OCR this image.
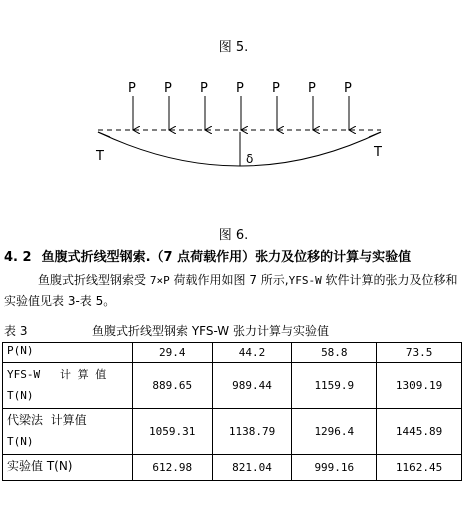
图 5.
P P P P P P P
δ
T	T
图 6.
4. 2 鱼腹式折线型钢索.（7 点荷载作用）张力及位移的计算与实验值
鱼腹式折线型钢索受 7×P 荷载作用如图 7 所示,YFS-W 软件计算的张力及位移和实验值见表 3-表 5。
表 3	鱼腹式折线型钢索 YFS-W 张力计算与实验值
P(N)	29.4	44.2	58.8	73.5

YFS-W   计 算 值
T(N)	889.65	989.44	1159.9	1309.19

代梁法  计算值
T(N)	1059.31	1138.79	1296.4	1445.89
实验值 T(N)	612.98	821.04	999.16	1162.45
